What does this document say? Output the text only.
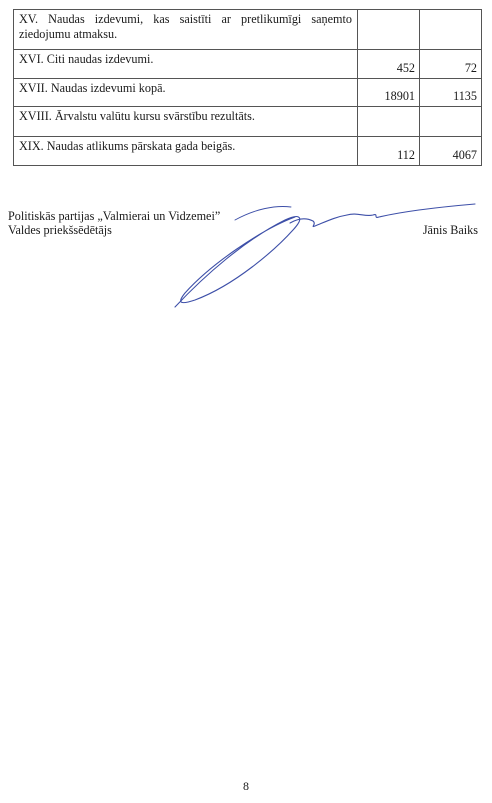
XV. Naudas izdevumi, kas saistīti ar pretlikumīgi saņemto ziedojumu atmaksu.		
XVI. Citi naudas izdevumi.	452	72
XVII. Naudas izdevumi kopā.	18901	1135
XVIII. Ārvalstu valūtu kursu svārstību rezultāts.		
XIX. Naudas atlikums pārskata gada beigās.	112	4067
Politiskās partijas „Valmierai un Vidzemei”
Valdes priekšsēdētājs	Jānis Baiks
8
